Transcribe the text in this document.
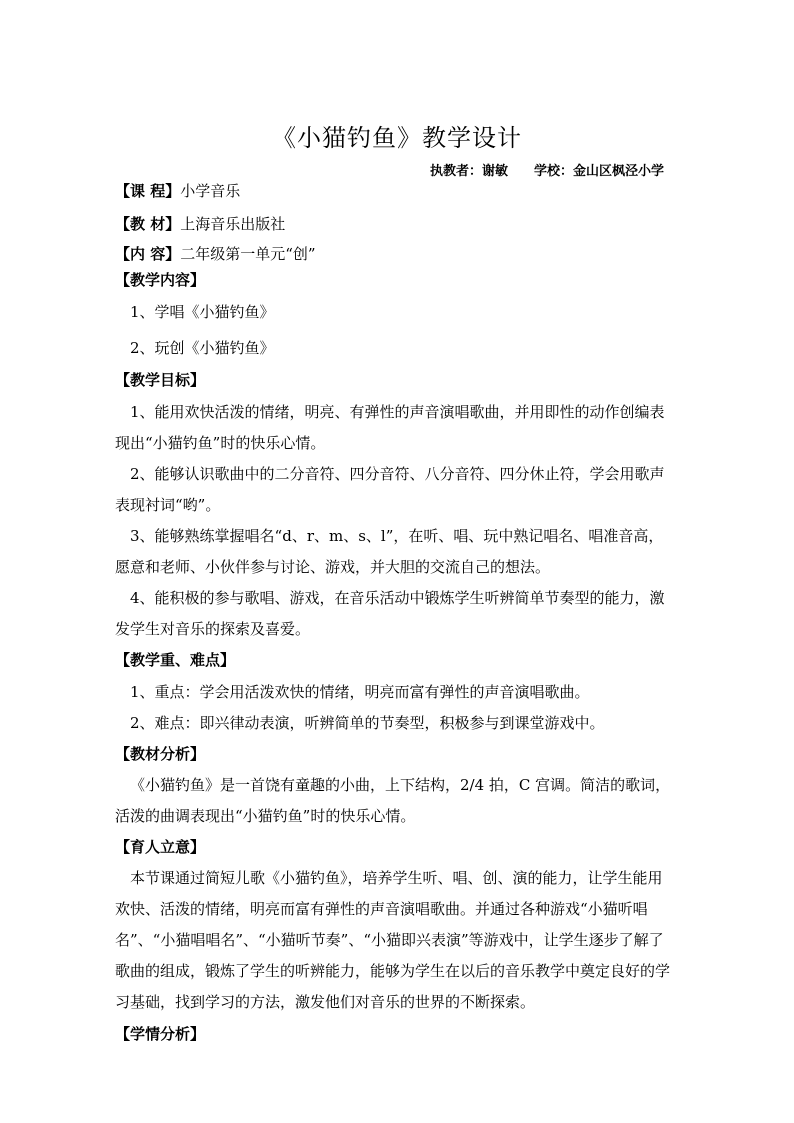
《小猫钓鱼》教学设计
执教者：谢敏 学校：金山区枫泾小学
【课 程】小学音乐
【教 材】上海音乐出版社
【内 容】二年级第一单元“创”
【教学内容】
1、学唱《小猫钓鱼》
2、玩创《小猫钓鱼》
【教学目标】
1、能用欢快活泼的情绪，明亮、有弹性的声音演唱歌曲，并用即性的动作创编表
现出“小猫钓鱼”时的快乐心情。
2、能够认识歌曲中的二分音符、四分音符、八分音符、四分休止符，学会用歌声
表现衬词“哟”。
3、能够熟练掌握唱名“d、r、m、s、l”，在听、唱、玩中熟记唱名、唱准音高，
愿意和老师、小伙伴参与讨论、游戏，并大胆的交流自己的想法。
4、能积极的参与歌唱、游戏，在音乐活动中锻炼学生听辨简单节奏型的能力，激
发学生对音乐的探索及喜爱。
【教学重、难点】
1、重点：学会用活泼欢快的情绪，明亮而富有弹性的声音演唱歌曲。
2、难点：即兴律动表演，听辨简单的节奏型，积极参与到课堂游戏中。
【教材分析】
《小猫钓鱼》是一首饶有童趣的小曲，上下结构，2/4 拍，C 宫调。简洁的歌词，
活泼的曲调表现出“小猫钓鱼”时的快乐心情。
【育人立意】
本节课通过简短儿歌《小猫钓鱼》，培养学生听、唱、创、演的能力，让学生能用
欢快、活泼的情绪，明亮而富有弹性的声音演唱歌曲。并通过各种游戏“小猫听唱
名”、“小猫唱唱名”、“小猫听节奏”、“小猫即兴表演”等游戏中，让学生逐步了解了
歌曲的组成，锻炼了学生的听辨能力，能够为学生在以后的音乐教学中奠定良好的学
习基础，找到学习的方法，激发他们对音乐的世界的不断探索。
【学情分析】
